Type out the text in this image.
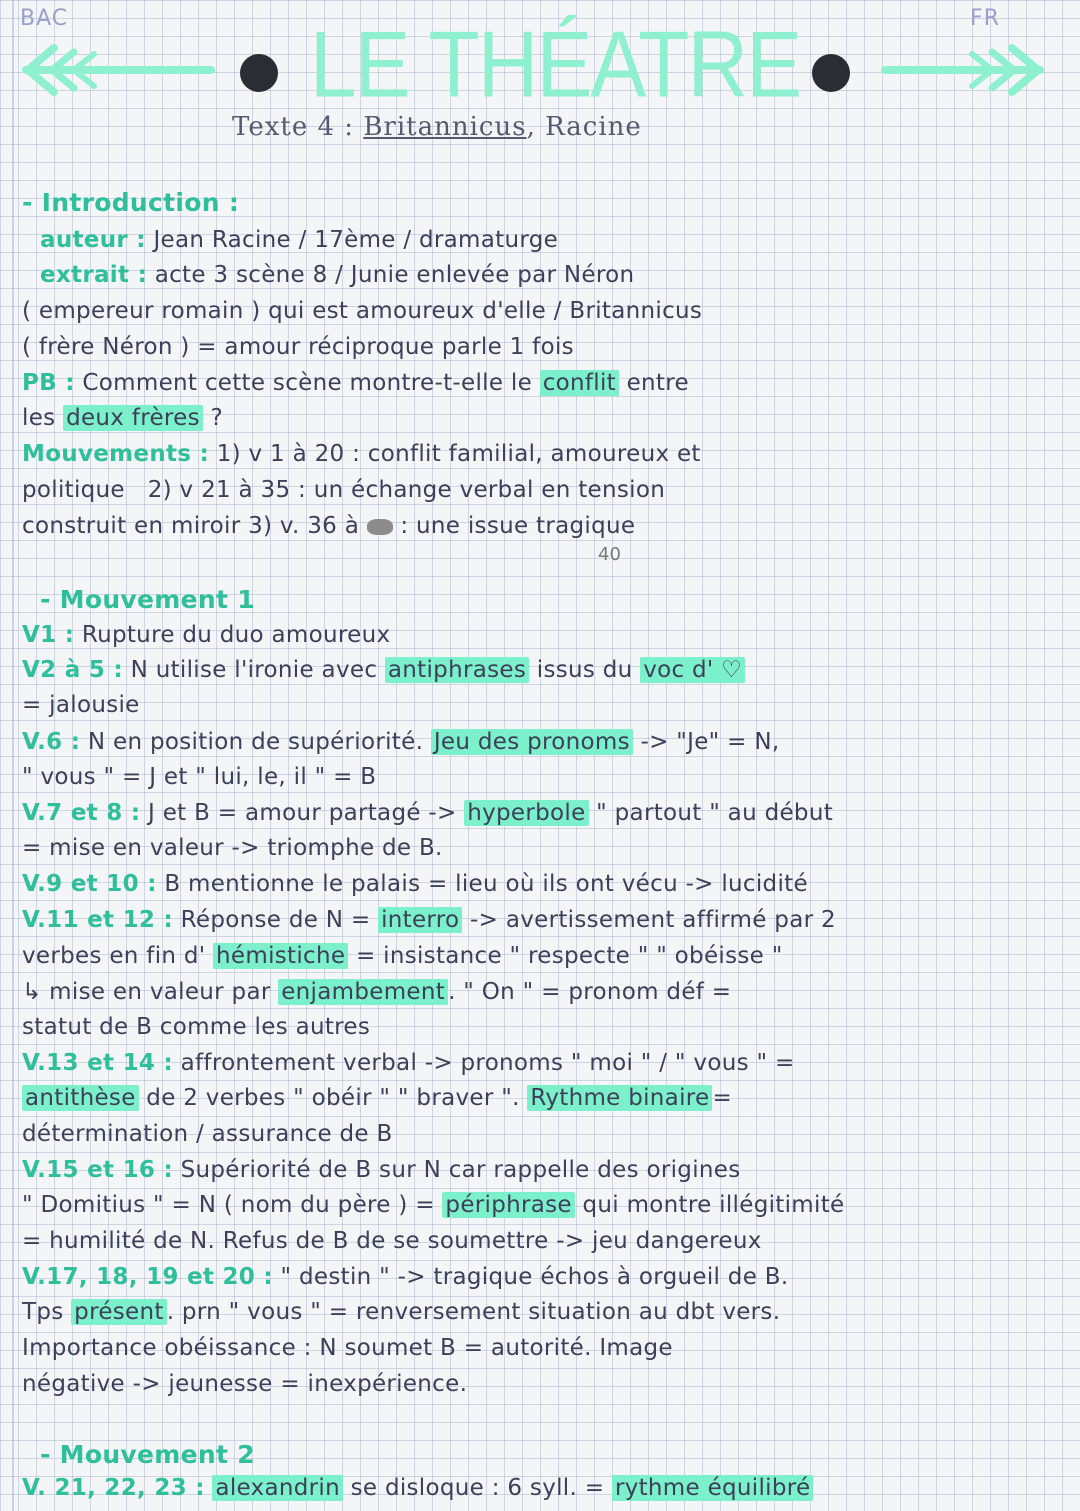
BAC	FR
LE THÉATRE
Texte 4 : Britannicus, Racine
- Introduction :
auteur : Jean Racine / 17ème / dramaturge
extrait : acte 3 scène 8 / Junie enlevée par Néron
( empereur romain ) qui est amoureux d'elle / Britannicus
( frère Néron ) = amour réciproque parle 1 fois
PB : Comment cette scène montre-t-elle le conflit entre
les deux frères ?
Mouvements : 1) v 1 à 20 : conflit familial, amoureux et
politique 2) v 21 à 35 : un échange verbal en tension
construit en miroir 3) v. 36 à : une issue tragique
40
- Mouvement 1
V1 : Rupture du duo amoureux
V2 à 5 : N utilise l'ironie avec antiphrases issus du voc d' ♡
= jalousie
V.6 : N en position de supériorité. Jeu des pronoms -> "Je" = N,
" vous " = J et " lui, le, il " = B
V.7 et 8 : J et B = amour partagé -> hyperbole " partout " au début
= mise en valeur -> triomphe de B.
V.9 et 10 : B mentionne le palais = lieu où ils ont vécu -> lucidité
V.11 et 12 : Réponse de N = interro -> avertissement affirmé par 2
verbes en fin d' hémistiche = insistance " respecte " " obéisse "
↳ mise en valeur par enjambement . " On " = pronom déf =
statut de B comme les autres
V.13 et 14 : affrontement verbal -> pronoms " moi " / " vous " =
antithèse de 2 verbes " obéir " " braver ". Rythme binaire =
détermination / assurance de B
V.15 et 16 : Supériorité de B sur N car rappelle des origines
" Domitius " = N ( nom du père ) = périphrase qui montre illégitimité
= humilité de N. Refus de B de se soumettre -> jeu dangereux
V.17, 18, 19 et 20 : " destin " -> tragique échos à orgueil de B.
Tps présent . prn " vous " = renversement situation au dbt vers.
Importance obéissance : N soumet B = autorité. Image
négative -> jeunesse = inexpérience.
- Mouvement 2
V. 21, 22, 23 : alexandrin se disloque : 6 syll. = rythme équilibré
